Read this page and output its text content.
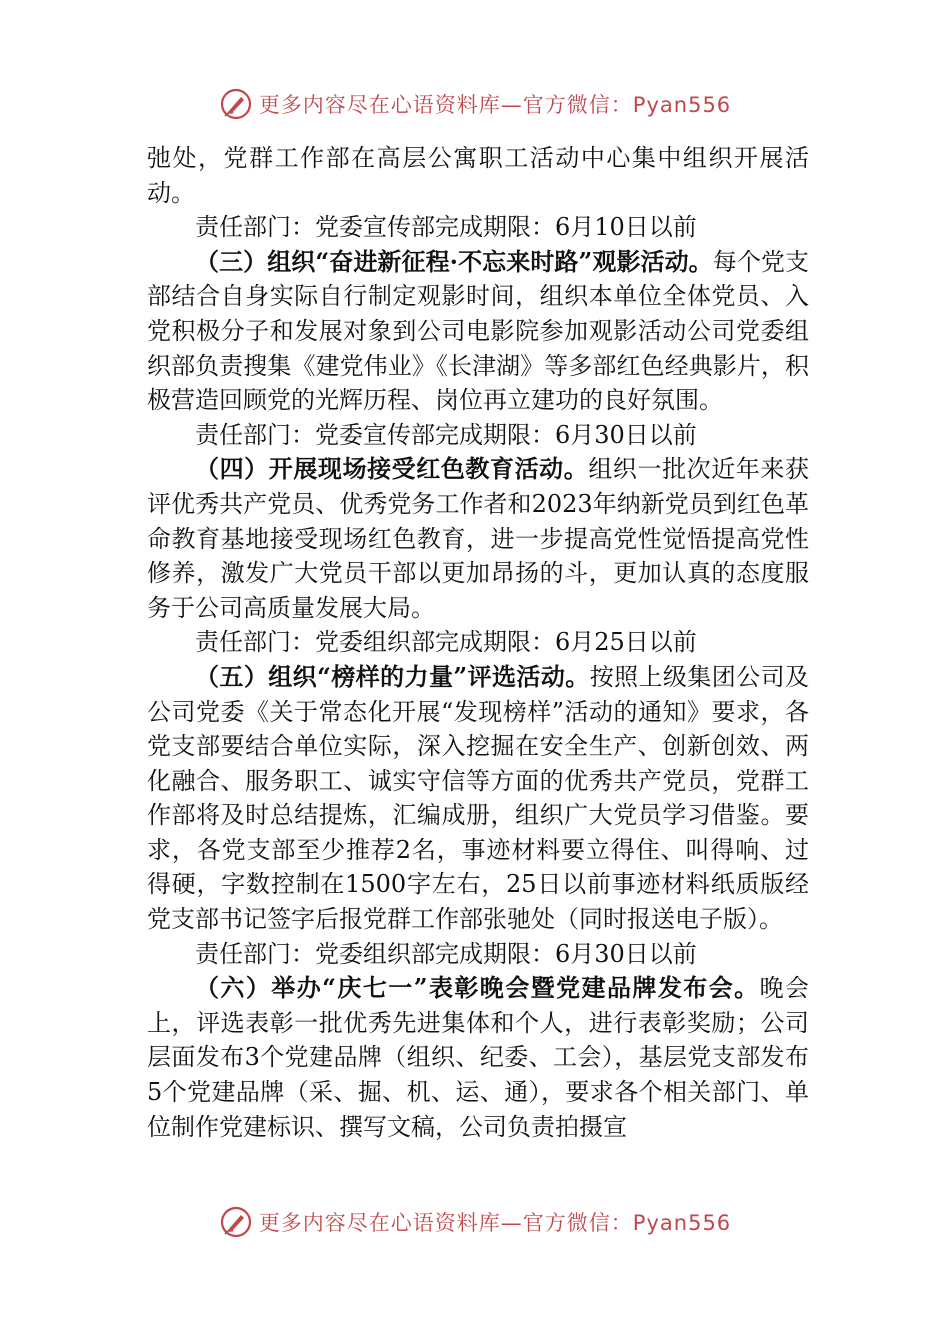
更多内容尽在心语资料库—官方微信：Pyan556

弛处，党群工作部在高层公寓职工活动中心集中组织开展活动。

责任部门：党委宣传部完成期限：6月10日以前

（三）组织“奋进新征程·不忘来时路”观影活动。每个党支部结合自身实际自行制定观影时间，组织本单位全体党员、入党积极分子和发展对象到公司电影院参加观影活动公司党委组织部负责搜集《建党伟业》《长津湖》等多部红色经典影片，积极营造回顾党的光辉历程、岗位再立建功的良好氛围。

责任部门：党委宣传部完成期限：6月30日以前

（四）开展现场接受红色教育活动。组织一批次近年来获评优秀共产党员、优秀党务工作者和2023年纳新党员到红色革命教育基地接受现场红色教育，进一步提高党性觉悟提高党性修养，激发广大党员干部以更加昂扬的斗，更加认真的态度服务于公司高质量发展大局。

责任部门：党委组织部完成期限：6月25日以前

（五）组织“榜样的力量”评选活动。按照上级集团公司及公司党委《关于常态化开展“发现榜样”活动的通知》要求，各党支部要结合单位实际，深入挖掘在安全生产、创新创效、两化融合、服务职工、诚实守信等方面的优秀共产党员，党群工作部将及时总结提炼，汇编成册，组织广大党员学习借鉴。要求，各党支部至少推荐2名，事迹材料要立得住、叫得响、过得硬，字数控制在1500字左右，25日以前事迹材料纸质版经党支部书记签字后报党群工作部张驰处（同时报送电子版）。

责任部门：党委组织部完成期限：6月30日以前

（六）举办“庆七一”表彰晚会暨党建品牌发布会。晚会上，评选表彰一批优秀先进集体和个人，进行表彰奖励；公司层面发布3个党建品牌（组织、纪委、工会），基层党支部发布5个党建品牌（采、掘、机、运、通），要求各个相关部门、单位制作党建标识、撰写文稿，公司负责拍摄宣

更多内容尽在心语资料库—官方微信：Pyan556
